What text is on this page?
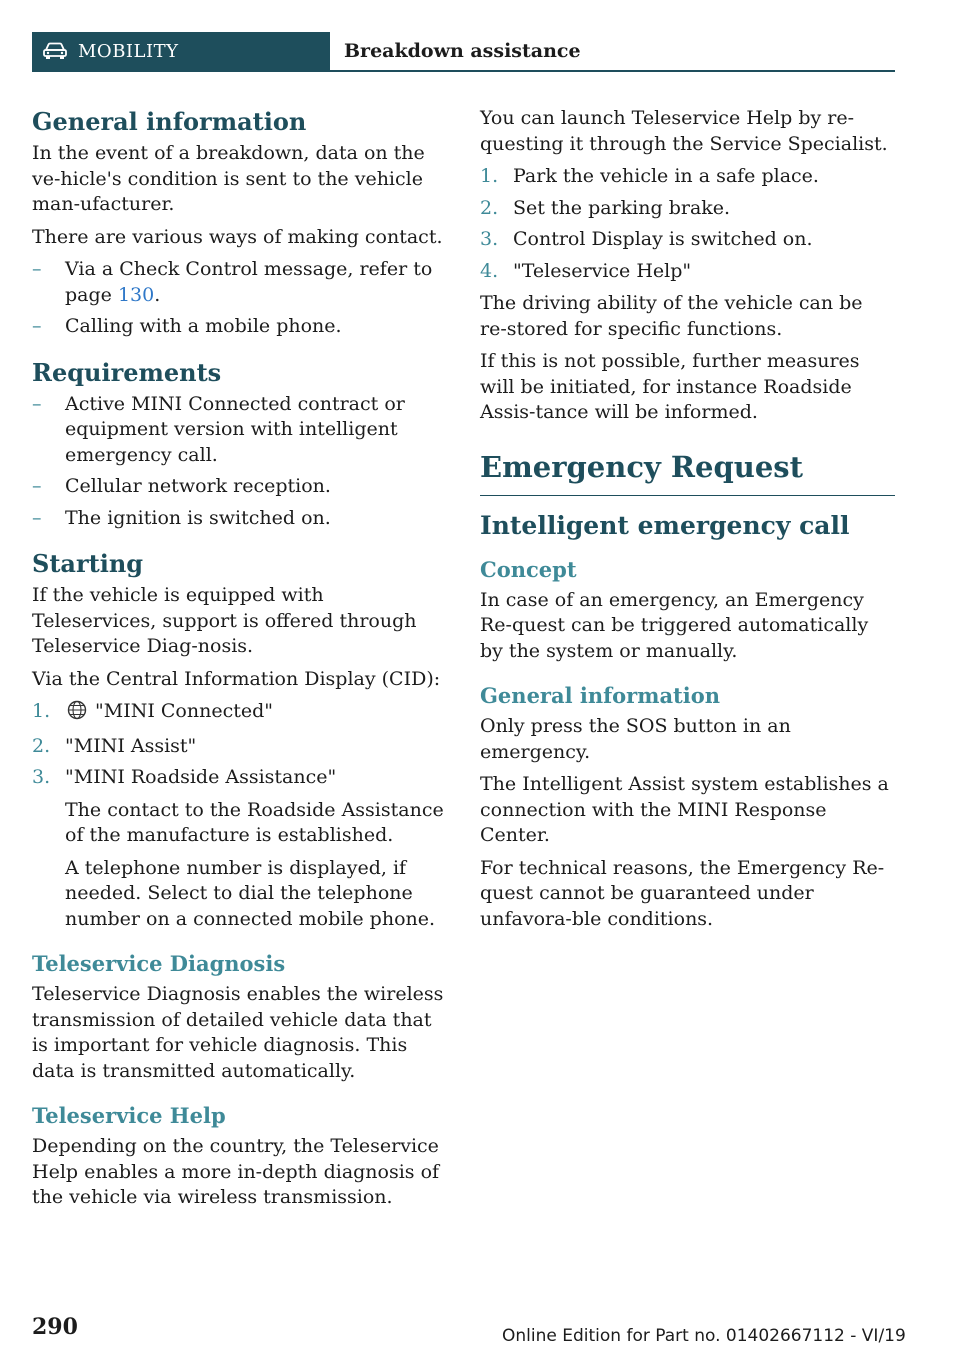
MOBILITY	Breakdown assistance
General information

In the event of a breakdown, data on the ve-hicle's condition is sent to the vehicle man-ufacturer.

There are various ways of making contact.

–	Via a Check Control message, refer to page 130.
–	Calling with a mobile phone.
Requirements
–	Active MINI Connected contract or equipment version with intelligent emergency call.
–	Cellular network reception.
–	The ignition is switched on.
Starting

If the vehicle is equipped with Teleservices, support is offered through Teleservice Diag-nosis.

Via the Central Information Display (CID):

1.	"MINI Connected"
2. "MINI Assist"
3. "MINI Roadside Assistance"

The contact to the Roadside Assistance of the manufacture is established.

A telephone number is displayed, if needed. Select to dial the telephone number on a connected mobile phone.

Teleservice Diagnosis

Teleservice Diagnosis enables the wireless transmission of detailed vehicle data that is important for vehicle diagnosis. This data is transmitted automatically.

Teleservice Help

Depending on the country, the Teleservice Help enables a more in-depth diagnosis of the vehicle via wireless transmission.

You can launch Teleservice Help by re-questing it through the Service Specialist.

1. Park the vehicle in a safe place.
2. Set the parking brake.
3. Control Display is switched on.
4. "Teleservice Help"

The driving ability of the vehicle can be re-stored for specific functions.

If this is not possible, further measures will be initiated, for instance Roadside Assis-tance will be informed.

Emergency Request
Intelligent emergency call
Concept

In case of an emergency, an Emergency Re-quest can be triggered automatically by the system or manually.

General information

Only press the SOS button in an emergency.

The Intelligent Assist system establishes a connection with the MINI Response Center.

For technical reasons, the Emergency Re-quest cannot be guaranteed under unfavora-ble conditions.

290	Online Edition for Part no. 01402667112 - VI/19
